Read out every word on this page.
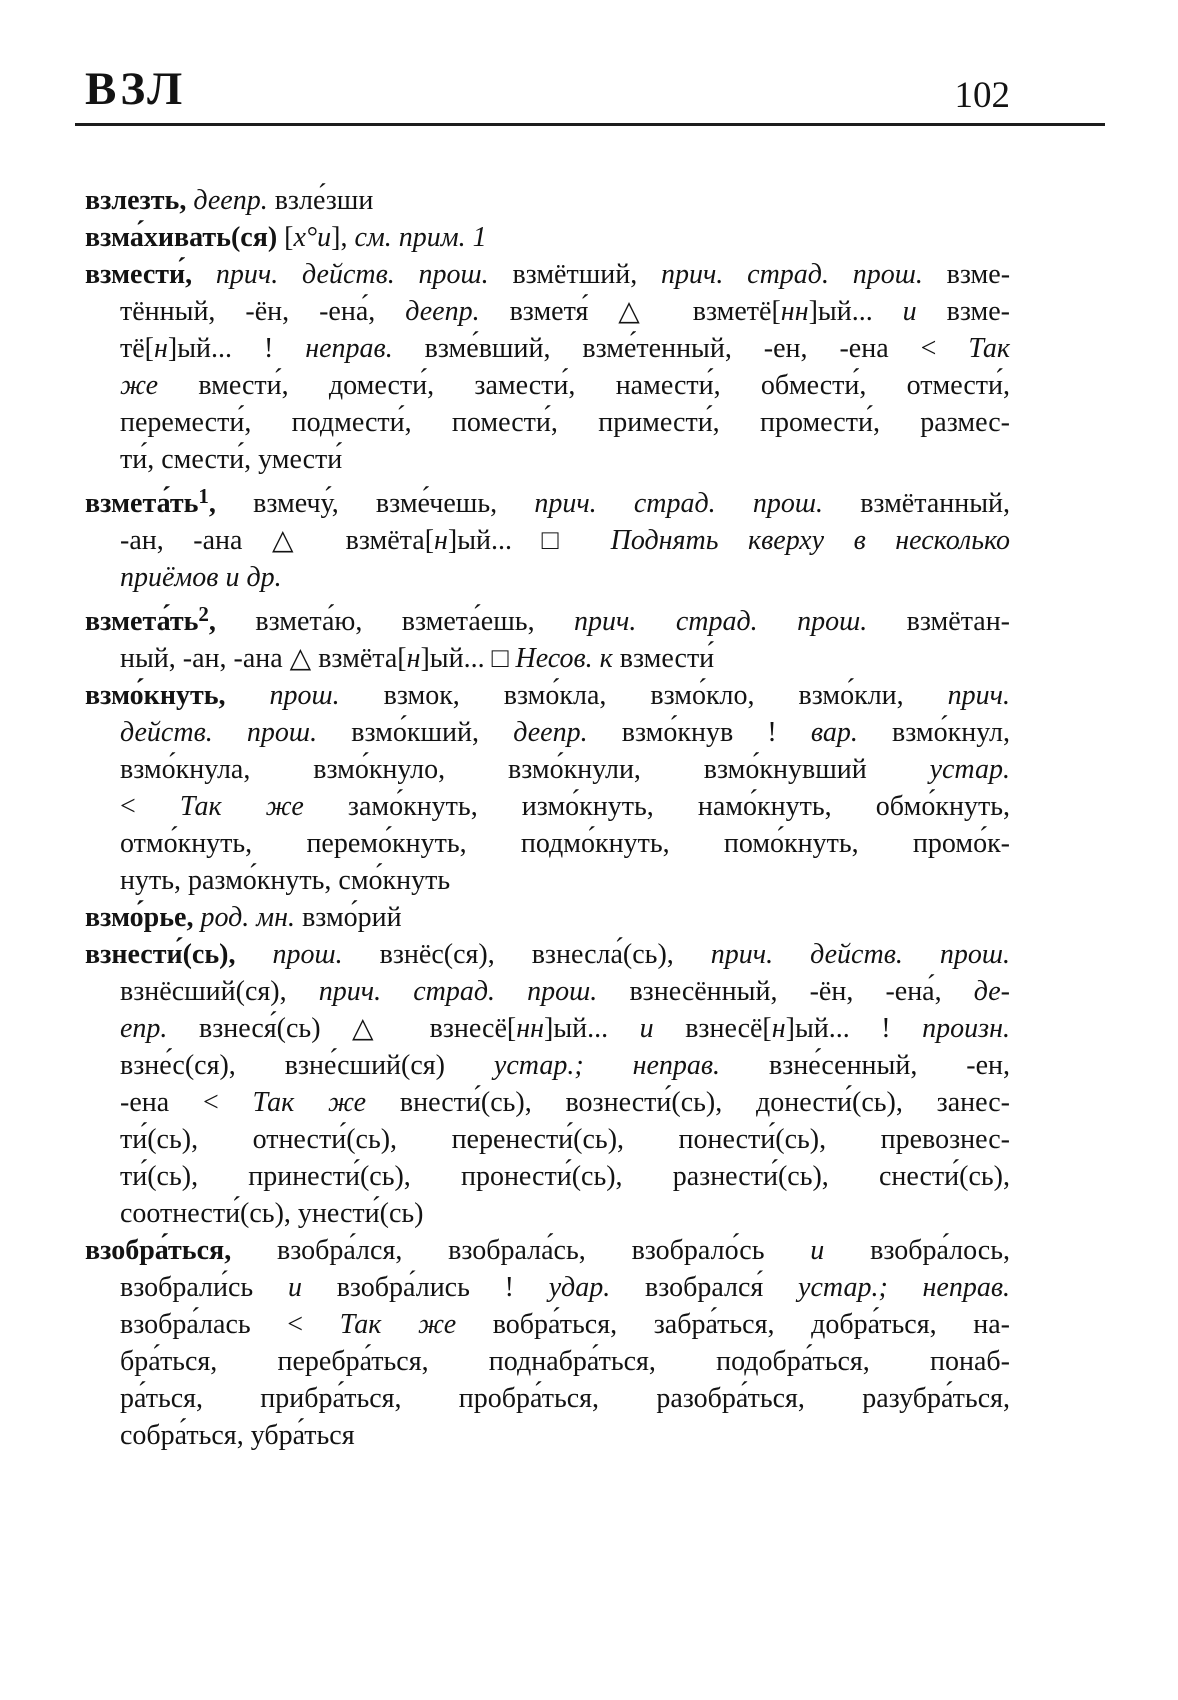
ВЗЛ	102
взлезть, деепр. взле́зши
взма́хивать(ся) [х°и], см. прим. 1
взмести́, прич. действ. прош. взмётший, прич. страд. прош. взме-
тённый, -ён, -ена́, деепр. взметя́ △ взметё[нн]ый... и взме-
тё[н]ый... ! неправ. взме́вший, взме́тенный, -ен, -ена < Так
же вмести́, домести́, замести́, намести́, обмести́, отмести́,
перемести́, подмести́, помести́, примести́, промести́, размес-
ти́, смести́, умести́
$взмета́ть^1$, взмечу́, взме́чешь, прич. страд. прош. взмётанный,
-ан, -ана △ взмёта[н]ый... □ Поднять кверху в несколько
приёмов и др.
$взмета́ть^2$, взмета́ю, взмета́ешь, прич. страд. прош. взмётан-
ный, -ан, -ана △ взмёта[н]ый... □ Несов. к взмести́
взмо́кнуть, прош. взмок, взмо́кла, взмо́кло, взмо́кли, прич.
действ. прош. взмо́кший, деепр. взмо́кнув ! вар. взмо́кнул,
взмо́кнула, взмо́кнуло, взмо́кнули, взмо́кнувший устар.
< Так же замо́кнуть, измо́кнуть, намо́кнуть, обмо́кнуть,
отмо́кнуть, перемо́кнуть, подмо́кнуть, помо́кнуть, промо́к-
нуть, размо́кнуть, смо́кнуть
взмо́рье, род. мн. взмо́рий
взнести́(сь), прош. взнёс(ся), взнесла́(сь), прич. действ. прош.
взнёсший(ся), прич. страд. прош. взнесённый, -ён, -ена́, де-
епр. взнеся́(сь) △ взнесё[нн]ый... и взнесё[н]ый... ! произн.
взне́с(ся), взне́сший(ся) устар.; неправ. взне́сенный, -ен,
-ена < Так же внести́(сь), вознести́(сь), донести́(сь), занес-
ти́(сь), отнести́(сь), перенести́(сь), понести́(сь), превознес-
ти́(сь), принести́(сь), пронести́(сь), разнести́(сь), снести́(сь),
соотнести́(сь), унести́(сь)
взобра́ться, взобра́лся, взобрала́сь, взобрало́сь и взобра́лось,
взобрали́сь и взобра́лись ! удар. взобрался́ устар.; неправ.
взобра́лась < Так же вобра́ться, забра́ться, добра́ться, на-
бра́ться, перебра́ться, поднабра́ться, подобра́ться, понаб-
ра́ться, прибра́ться, пробра́ться, разобра́ться, разубра́ться,
собра́ться, убра́ться
